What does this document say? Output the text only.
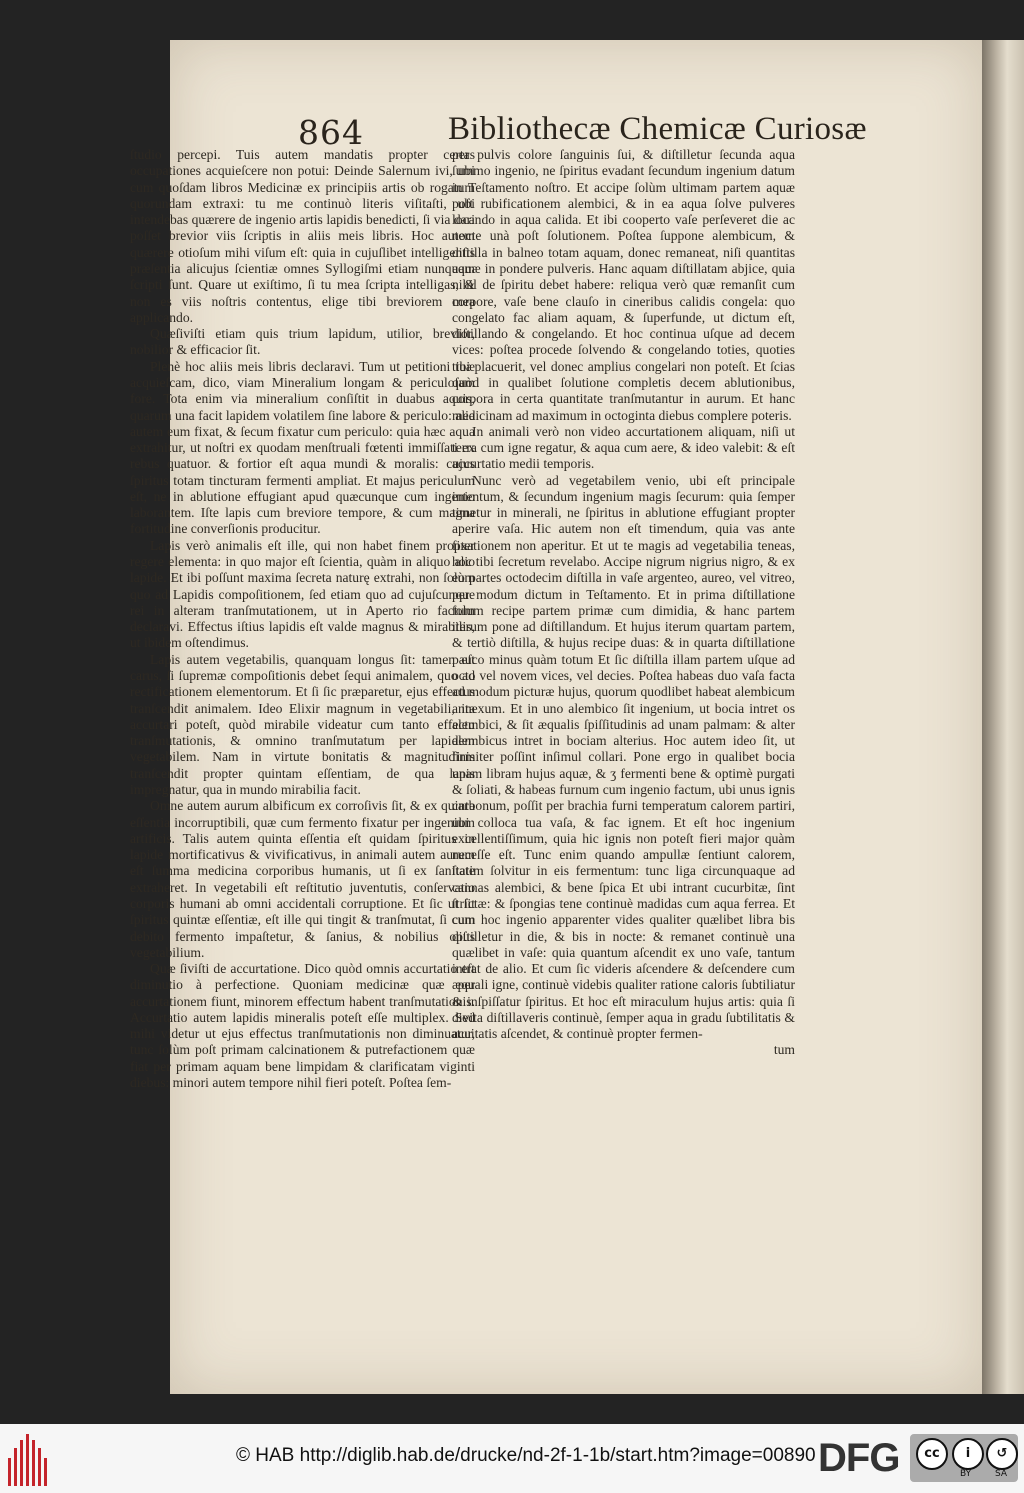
864	Bibliothecæ Chemicæ Curiosæ

ſtudio percepi. Tuis autem mandatis propter certas occupationes acquieſcere non potui: Deinde Salernum ivi, ubi cum quoſdam libros Medicinæ ex principiis artis ob rogatum quorundam extraxi: tu me continuò literis viſitaſti, ubi intendebas quærere de ingenio artis lapidis benedicti, ſi via dari poſſet brevior viis ſcriptis in aliis meis libris. Hoc autem quærere otioſum mihi viſum eſt: quia in cujuſlibet intelligentis præſentia alicujus ſcientiæ omnes Syllogiſmi etiam nunquam ſcripti ſunt. Quare ut exiſtimo, ſi tu mea ſcripta intelligas, & non es viis noſtris contentus, elige tibi breviorem mea applicando.

Quæſiviſti etiam quis trium lapidum, utilior, brevior, nobilior & efficacior ſit.

Plenè hoc aliis meis libris declaravi. Tum ut petitioni tuæ acquieſcam, dico, viam Mineralium longam & periculoſam fore. Tota enim via mineralium conſiſtit in duabus aquis, quarum una facit lapidem volatilem ſine labore & periculo: alia autem eum fixat, & ſecum fixatur cum periculo: quia hæc aqua extrahitur, ut noſtri ex quodam menſtruali fœtenti immiſſati ex rebus quatuor. & fortior eſt aqua mundi & moralis: cujus ſpiritus totam tincturam fermenti ampliat. Et majus periculum eſt, ne in ablutione effugiant apud quæcunque cum ingenio laborantem. Iſte lapis cum breviore tempore, & cum magna fortitudine converſionis producitur.

Lapis verò animalis eſt ille, qui non habet finem propter regere elementa: in quo major eſt ſcientia, quàm in aliquo alio lapide. Et ibi poſſunt maxima ſecreta naturę extrahi, non ſolùm quo ad Lapidis compoſitionem, ſed etiam quo ad cujuſcunque rei in alteram tranſmutationem, ut in Aperto rio factum declaravi. Effectus iſtius lapidis eſt valde magnus & mirabilis, ut ibidem oſtendimus.

Lapis autem vegetabilis, quanquam longus ſit: tamen eſt carus, ſi ſupremæ compoſitionis debet ſequi animalem, quo ad rectificationem elementorum. Et ſi ſic præparetur, ejus effectus tranſcendit animalem. Ideo Elixir magnum in vegetabili, ita accurtari poteſt, quòd mirabile videatur cum tanto effectu tranſmutationis, & omnino tranſmutatum per lapidem vegetabilem. Nam in virtute bonitatis & magnitudinis tranſcendit propter quintam eſſentiam, de qua lapis impregnatur, qua in mundo mirabilia facit.

Omne autem aurum albificum ex corroſivis ſit, & ex quinta eſſentia incorruptibili, quæ cum fermento fixatur per ingenium artificis. Talis autem quinta eſſentia eſt quidam ſpiritus in lapide mortificativus & vivificativus, in animali autem aurum eſt ſumma medicina corporibus humanis, ut ſi ex ſanitate extraheret. In vegetabili eſt reſtitutio juventutis, conſervatio corporis humani ab omni accidentali corruptione. Et ſic ut ſit ſpiritus quintæ eſſentiæ, eſt ille qui tingit & tranſmutat, ſi cum debito fermento impaſtetur, & ſanius, & nobilius opus vegetabilium.

Quæ ſiviſti de accurtatione. Dico quòd omnis accurtatio eſt diminutio à perfectione. Quoniam medicinæ quæ per accurtationem fiunt, minorem effectum habent tranſmutationis. Accurtatio autem lapidis mineralis poteſt eſſe multiplex. Sed mihi videtur ut ejus effectus tranſmutationis non diminuatur, tunc ſolùm poſt primam calcinationem & putrefactionem quæ fiat per primam aquam bene limpidam & clarificatam viginti diebus: minori autem tempore nihil fieri poteſt. Poſtea ſem-

per pulvis colore ſanguinis ſui, & diſtilletur ſecunda aqua ſummo ingenio, ne ſpiritus evadant ſecundum ingenium datum in Teſtamento noſtro. Et accipe ſolùm ultimam partem aquæ poſt rubificationem alembici, & in ea aqua ſolve pulveres locando in aqua calida. Et ibi cooperto vaſe perſeveret die ac nocte unà poſt ſolutionem. Poſtea ſuppone alembicum, & diſtilla in balneo totam aquam, donec remaneat, niſi quantitas aquæ in pondere pulveris. Hanc aquam diſtillatam abjice, quia nihil de ſpiritu debet habere: reliqua verò quæ remanſit cum corpore, vaſe bene clauſo in cineribus calidis congela: quo congelato fac aliam aquam, & ſuperfunde, ut dictum eſt, diſtillando & congelando. Et hoc continua uſque ad decem vices: poſtea procede ſolvendo & congelando toties, quoties tibi placuerit, vel donec amplius congelari non poteſt. Et ſcias quòd in qualibet ſolutione completis decem ablutionibus, corpora in certa quantitate tranſmutantur in aurum. Et hanc medicinam ad maximum in octoginta diebus complere poteris.

In animali verò non video accurtationem aliquam, niſi ut terra cum igne regatur, & aqua cum aere, & ideo valebit: & eſt accurtatio medii temporis.

Nunc verò ad vegetabilem venio, ubi eſt principale intentum, & ſecundum ingenium magis ſecurum: quia ſemper timetur in minerali, ne ſpiritus in ablutione effugiant propter aperire vaſa. Hic autem non eſt timendum, quia vas ante fixationem non aperitur. Et ut te magis ad vegetabilia teneas, hoc tibi ſecretum revelabo. Accipe nigrum nigrius nigro, & ex eo partes octodecim diſtilla in vaſe argenteo, aureo, vel vitreo, per modum dictum in Teſtamento. Et in prima diſtillatione ſolum recipe partem primæ cum dimidia, & hanc partem iterum pone ad diſtillandum. Et hujus iterum quartam partem, & tertiò diſtilla, & hujus recipe duas: & in quarta diſtillatione pauco minus quàm totum Et ſic diſtilla illam partem uſque ad octo vel novem vices, vel decies. Poſtea habeas duo vaſa facta ad modum picturæ hujus, quorum quodlibet habeat alembicum annexum. Et in uno alembico ſit ingenium, ut bocia intret os alembici, & ſit æqualis ſpiſſitudinis ad unam palmam: & alter alembicus intret in bociam alterius. Hoc autem ideo ſit, ut firmiter poſſint inſimul collari. Pone ergo in qualibet bocia unam libram hujus aquæ, & ʒ fermenti bene & optimè purgati & ſoliati, & habeas furnum cum ingenio factum, ubi unus ignis carbonum, poſſit per brachia furni temperatum calorem partiri, ubi colloca tua vaſa, & fac ignem. Et eſt hoc ingenium excellentiſſimum, quia hic ignis non poteſt fieri major quàm neceſſe eſt. Tunc enim quando ampullæ ſentiunt calorem, ſtatim ſolvitur in eis fermentum: tunc liga circunquaque ad cannas alembici, & bene ſpica Et ubi intrant cucurbitæ, ſint ſtrictæ: & ſpongias tene continuè madidas cum aqua ferrea. Et cum hoc ingenio apparenter vides qualiter quælibet libra bis diſtilletur in die, & bis in nocte: & remanet continuè una quælibet in vaſe: quia quantum aſcendit ex uno vaſe, tantum intrat de alio. Et cum ſic videris aſcendere & deſcendere cum æquali igne, continuè videbis qualiter ratione caloris ſubtiliatur & inſpiſſatur ſpiritus. Et hoc eſt miraculum hujus artis: quia ſi divita diſtillaveris continuè, ſemper aqua in gradu ſubtilitatis & acuitatis aſcendet, & continuè propter fermen-

tum

© HAB http://diglib.hab.de/drucke/nd-2f-1-1b/start.htm?image=00890 DFG	cc	i	↺
BY	SA
